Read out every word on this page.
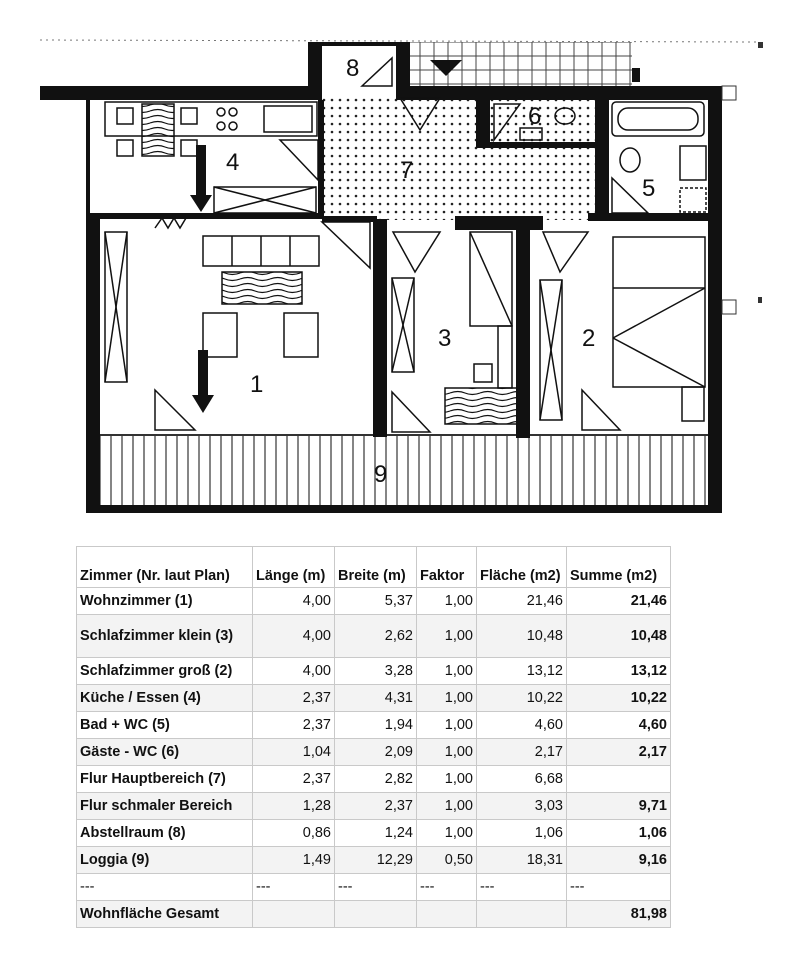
1
2
3
4
5
6
7
8
9
Zimmer (Nr. laut Plan)	Länge (m)	Breite (m)	Faktor	Fläche (m2)	Summe (m2)
Wohnzimmer (1)	4,00	5,37	1,00	21,46	21,46
Schlafzimmer klein (3)	4,00	2,62	1,00	10,48	10,48
Schlafzimmer groß (2)	4,00	3,28	1,00	13,12	13,12
Küche / Essen (4)	2,37	4,31	1,00	10,22	10,22
Bad + WC (5)	2,37	1,94	1,00	4,60	4,60
Gäste - WC (6)	1,04	2,09	1,00	2,17	2,17
Flur Hauptbereich (7)	2,37	2,82	1,00	6,68	
Flur schmaler Bereich	1,28	2,37	1,00	3,03	9,71
Abstellraum (8)	0,86	1,24	1,00	1,06	1,06
Loggia (9)	1,49	12,29	0,50	18,31	9,16
---	---	---	---	---	---
Wohnfläche Gesamt					81,98
